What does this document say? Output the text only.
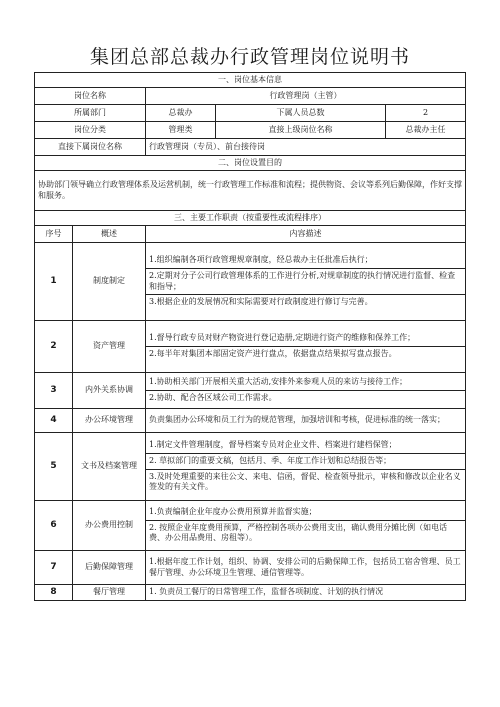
集团总部总裁办行政管理岗位说明书
一、岗位基本信息				
岗位名称		行政管理岗（主管）		
所属部门		总裁办	下属人员总数	2
岗位分类		管理类	直接上级岗位名称	总裁办主任
直接下属岗位名称		行政管理岗（专员）、前台接待岗		
二、岗位设置目的				
协助部门领导确立行政管理体系及运营机制，统一行政管理工作标准和流程；提供物资、会议等系列后勤保障，作好支撑和服务。				
三、主要工作职责（按重要性或流程排序）				
序号	概述	内容描述		
1	制度制定	1.组织编制各项行政管理规章制度，经总裁办主任批准后执行；
2.定期对分子公司行政管理体系的工作进行分析,对规章制度的执行情况进行监督、检查和指导；
3.根据企业的发展情况和实际需要对行政制度进行修订与完善。		

2	资产管理	1.督导行政专员对财产物资进行登记造册,定期进行资产的维修和保养工作；
2.每半年对集团本部固定资产进行盘点，依据盘点结果拟写盘点报告。		

3	内外关系协调	1.协助相关部门开展相关重大活动,安排外来参观人员的来访与接待工作；
2.协助、配合各区域公司工作需求。		

4	办公环境管理	负责集团办公环境和员工行为的规范管理，加强培训和考核，促进标准的统一落实；		

5	文书及档案管理	1.制定文件管理制度，督导档案专员对企业文件、档案进行建档保管；
2. 草拟部门的重要文稿，包括月、季、年度工作计划和总结报告等；
3.及时处理重要的来往公文、来电、信函，督促、检查领导批示，审核和修改以企业名义签发的有关文件。		

6	办公费用控制	1.负责编制企业年度办公费用预算并监督实施；
2. 按照企业年度费用预算，严格控制各项办公费用支出，确认费用分摊比例（如电话费、办公用品费用、房租等）。		

7	后勤保障管理	1.根据年度工作计划，组织、协调、安排公司的后勤保障工作，包括员工宿舍管理、员工餐厅管理、办公环境卫生管理、通信管理等。		

8	餐厅管理	1. 负责员工餐厅的日常管理工作，监督各项制度、计划的执行情况		
